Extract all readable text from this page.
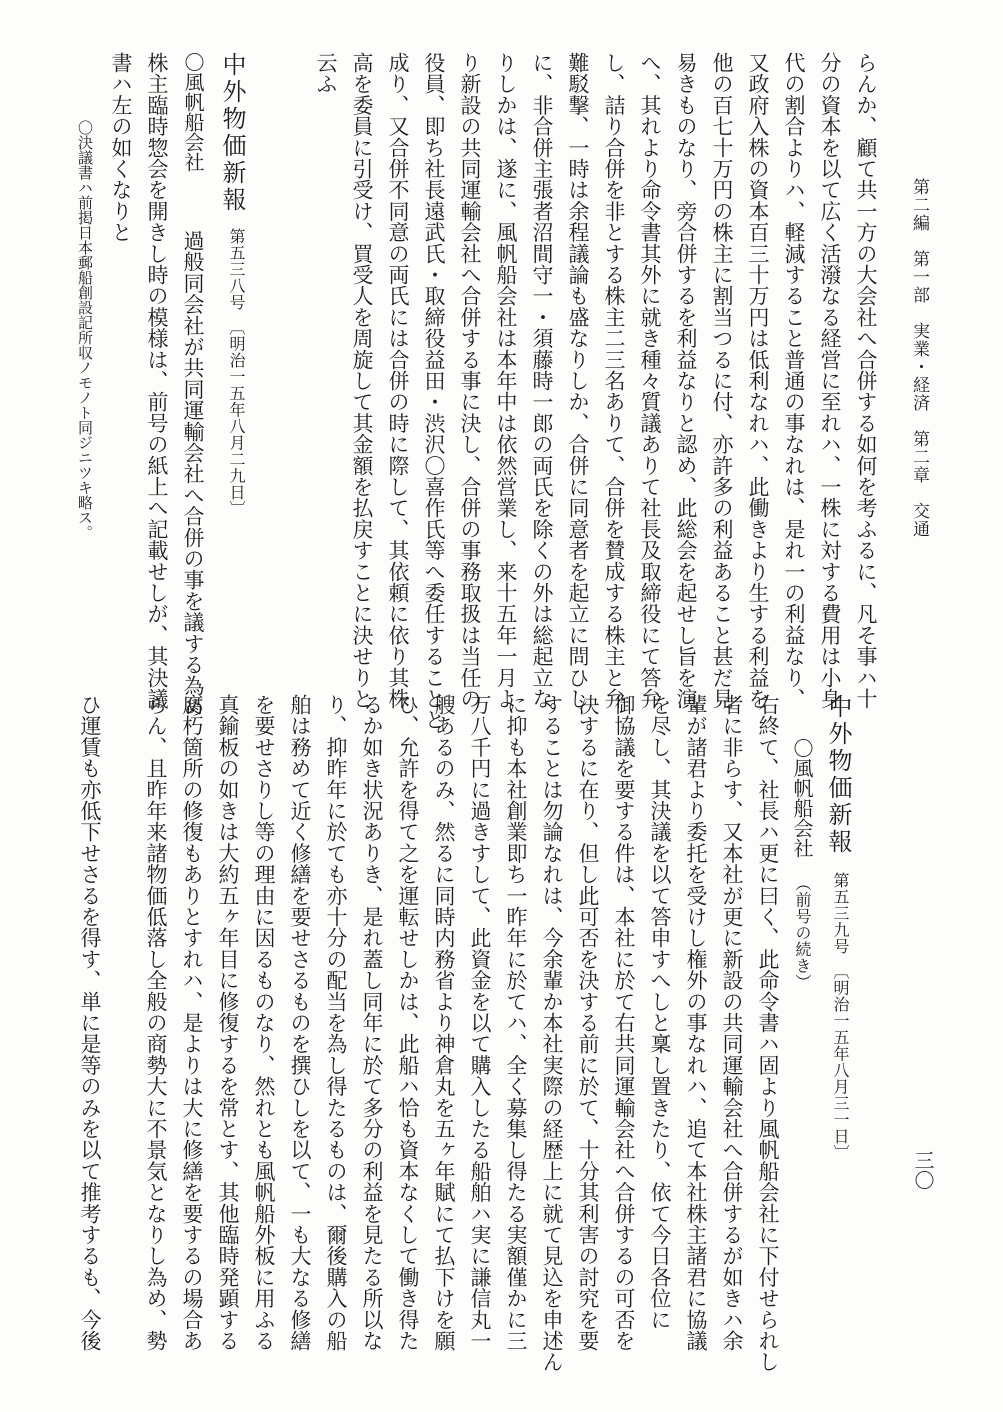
第二編　第一部　実業・経済　第二章　交通
三〇
らんか、顧て共一方の大会社へ合併する如何を考ふるに、凡そ事ハ十
分の資本を以て広く活潑なる経営に至れハ、一株に対する費用は小身
代の割合よりハ、軽減すること普通の事なれは、是れ一の利益なり、
又政府入株の資本百三十万円は低利なれハ、此働きより生する利益を
他の百七十万円の株主に割当つるに付、亦許多の利益あること甚だ見
易きものなり、旁合併するを利益なりと認め、此総会を起せし旨を演
へ、其れより命令書其外に就き種々質議ありて社長及取締役にて答弁
し、詰り合併を非とする株主二三名ありて、合併を賛成する株主と弁
難駁撃、一時は余程議論も盛なりしか、合併に同意者を起立に問ひし
に、非合併主張者沼間守一・須藤時一郎の両氏を除くの外は総起立な
りしかは、遂に、風帆船会社は本年中は依然営業し、来十五年一月よ
り新設の共同運輸会社へ合併する事に決し、合併の事務取扱は当任の
役員、即ち社長遠武氏・取締役益田・渋沢〇喜作氏等へ委任することと
成り、又合併不同意の両氏には合併の時に際して、其依頼に依り其株
高を委員に引受け、買受人を周旋して其金額を払戻すことに決せりと
云ふ
中外物価新報
第五三八号　〔明治一五年八月二九日〕
〇風帆船会社
過般同会社が共同運輸会社へ合併の事を議する為め
株主臨時惣会を開きし時の模様は、前号の紙上へ記載せしが、其決議
書ハ左の如くなりと
〇決議書ハ前掲日本郵船創設記所収ノモノト同ジニツキ略ス。
中外物価新報
第五三九号　〔明治一五年八月三一日〕
〇風帆船会社
（前号の続き）
右終て、社長ハ更に曰く、此命令書ハ固より風帆船会社に下付せられし
者に非らす、又本社が更に新設の共同運輸会社へ合併するが如きハ余
輩が諸君より委托を受けし権外の事なれハ、追て本社株主諸君に協議
を尽し、其決議を以て答申すへしと稟し置きたり、依て今日各位に
御協議を要する件は、本社に於て右共同運輸会社へ合併するの可否を
決するに在り、但し此可否を決する前に於て、十分其利害の討究を要
することは勿論なれは、今余輩か本社実際の経歴上に就て見込を申述ん
に抑も本社創業即ち一昨年に於てハ、全く募集し得たる実額僅かに三
万八千円に過きすして、此資金を以て購入したる船舶ハ実に謙信丸一
艘あるのみ、然るに同時内務省より神倉丸を五ヶ年賦にて払下けを願
ひ、允許を得て之を運転せしかは、此船ハ恰も資本なくして働き得た
るか如き状況ありき、是れ蓋し同年に於て多分の利益を見たる所以な
り、抑昨年に於ても亦十分の配当を為し得たるものは、爾後購入の船
舶は務めて近く修繕を要せさるものを撰ひしを以て、一も大なる修繕
を要せさりし等の理由に因るものなり、然れとも風帆船外板に用ふる
真鍮板の如きは大約五ヶ年目に修復するを常とす、其他臨時発顕する
腐朽箇所の修復もありとすれハ、是よりは大に修繕を要するの場合あ
らん、且昨年来諸物価低落し全般の商勢大に不景気となりし為め、勢
ひ運賃も亦低下せさるを得す、単に是等のみを以て推考するも、今後
